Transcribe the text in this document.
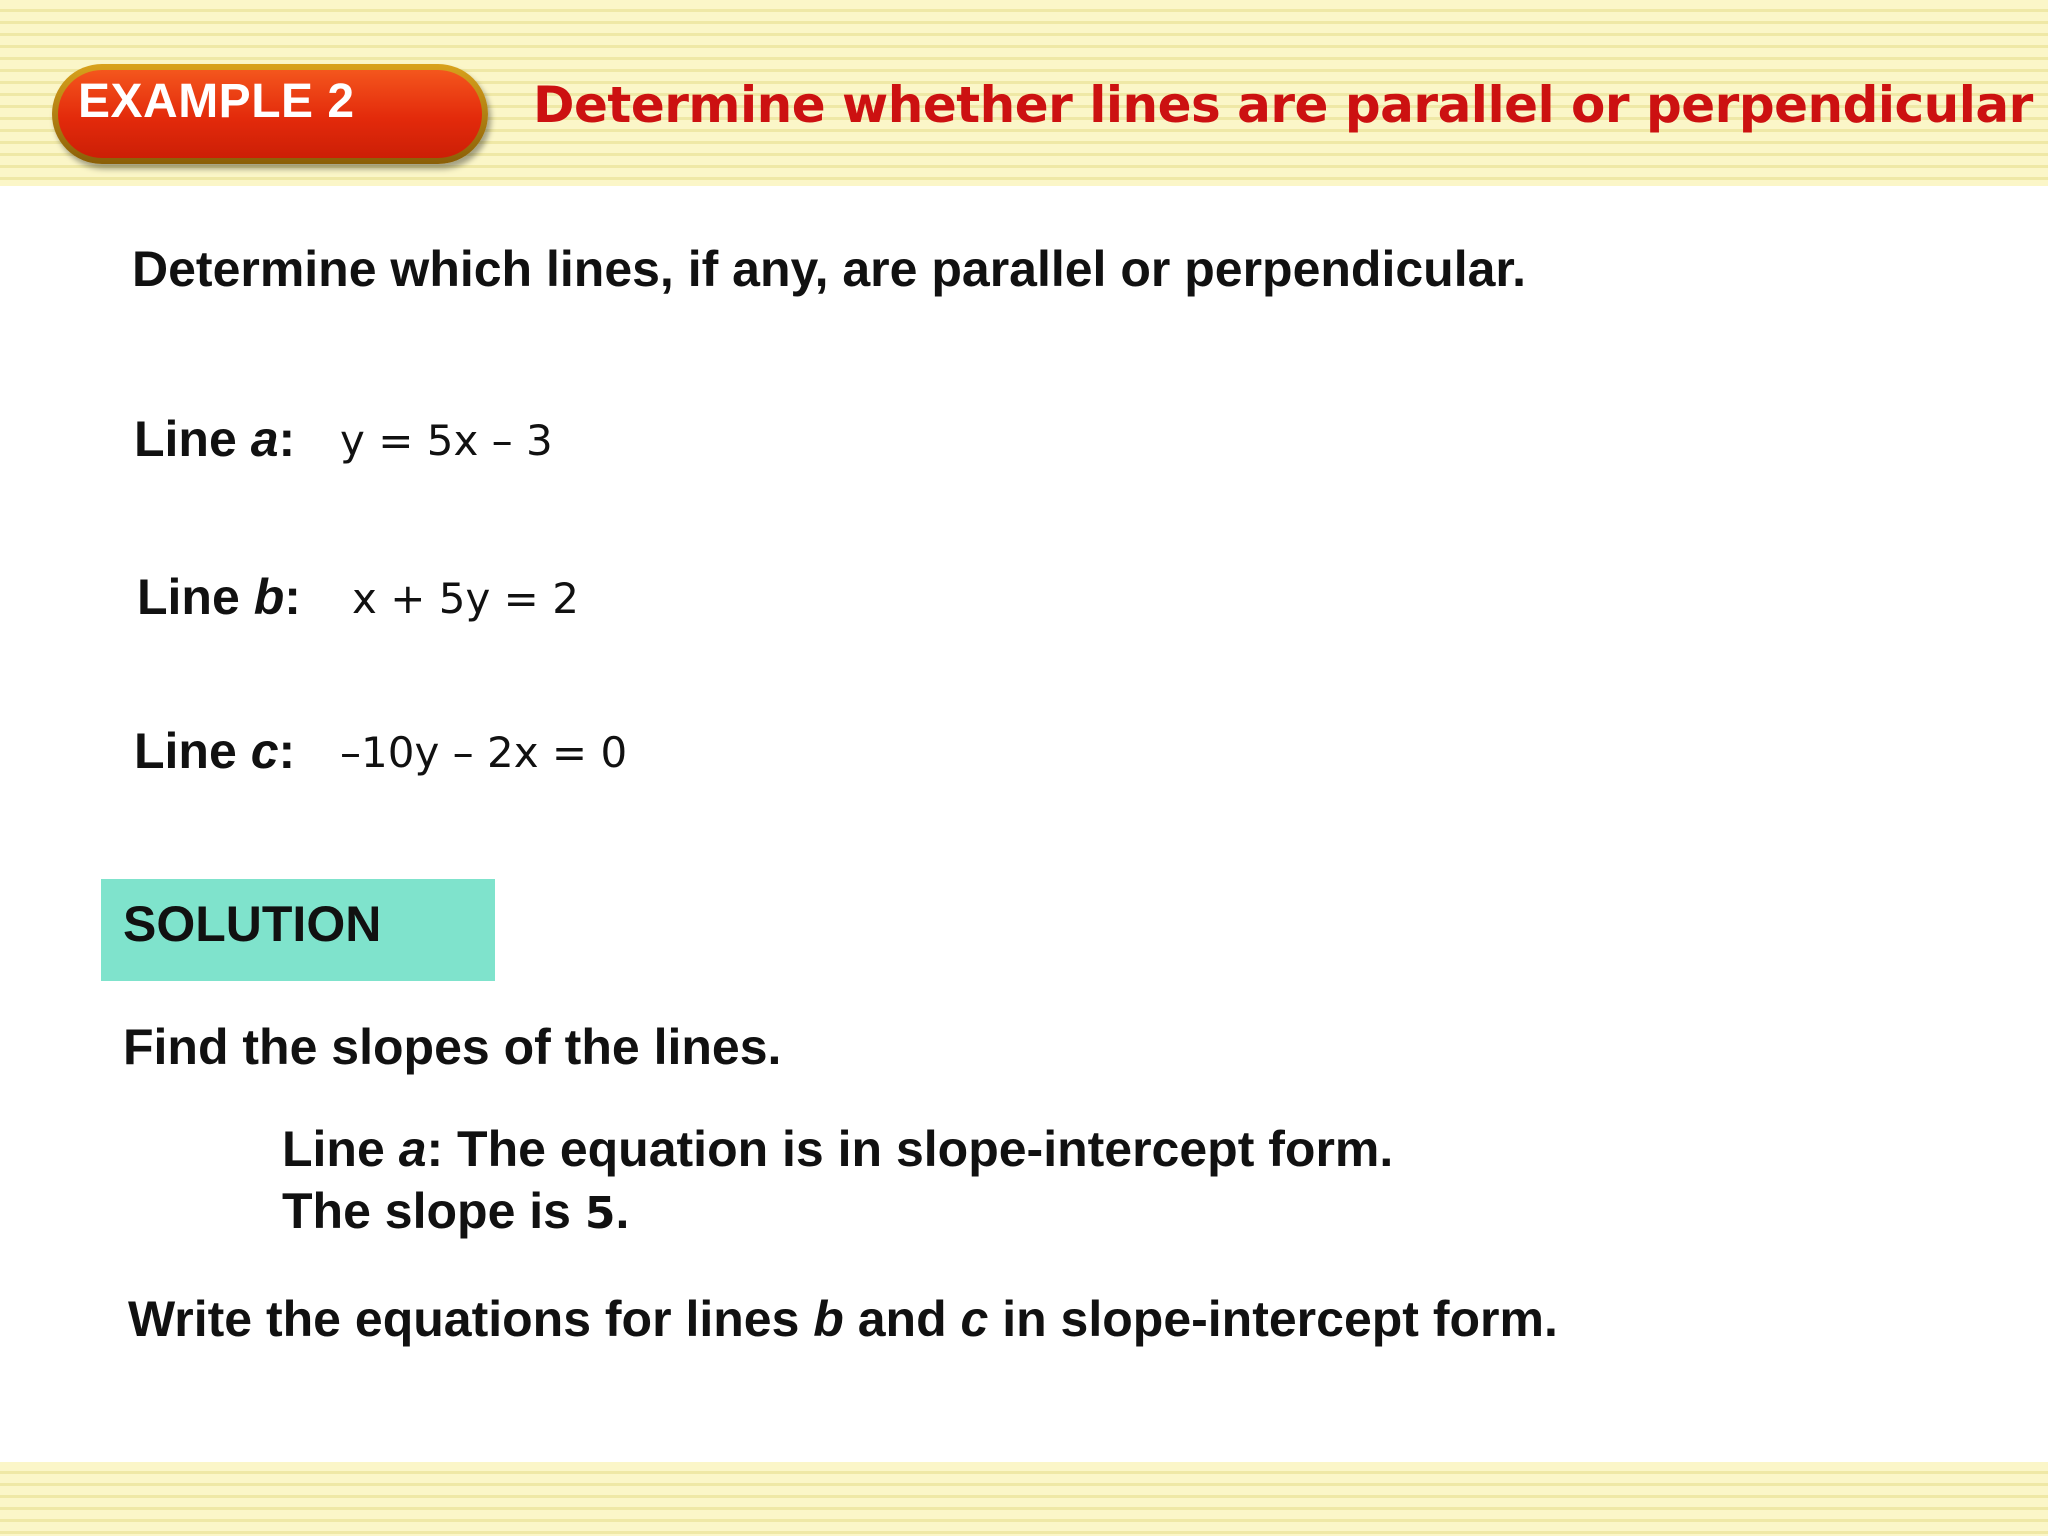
EXAMPLE 2	Determine whether lines are parallel or perpendicular
Determine which lines, if any, are parallel or perpendicular.
Line a: y = 5x – 3
Line b: x + 5y = 2
Line c: –10y – 2x = 0
SOLUTION
Find the slopes of the lines.
Line a: The equation is in slope-intercept form.
The slope is 5.
Write the equations for lines b and c in slope-intercept form.
